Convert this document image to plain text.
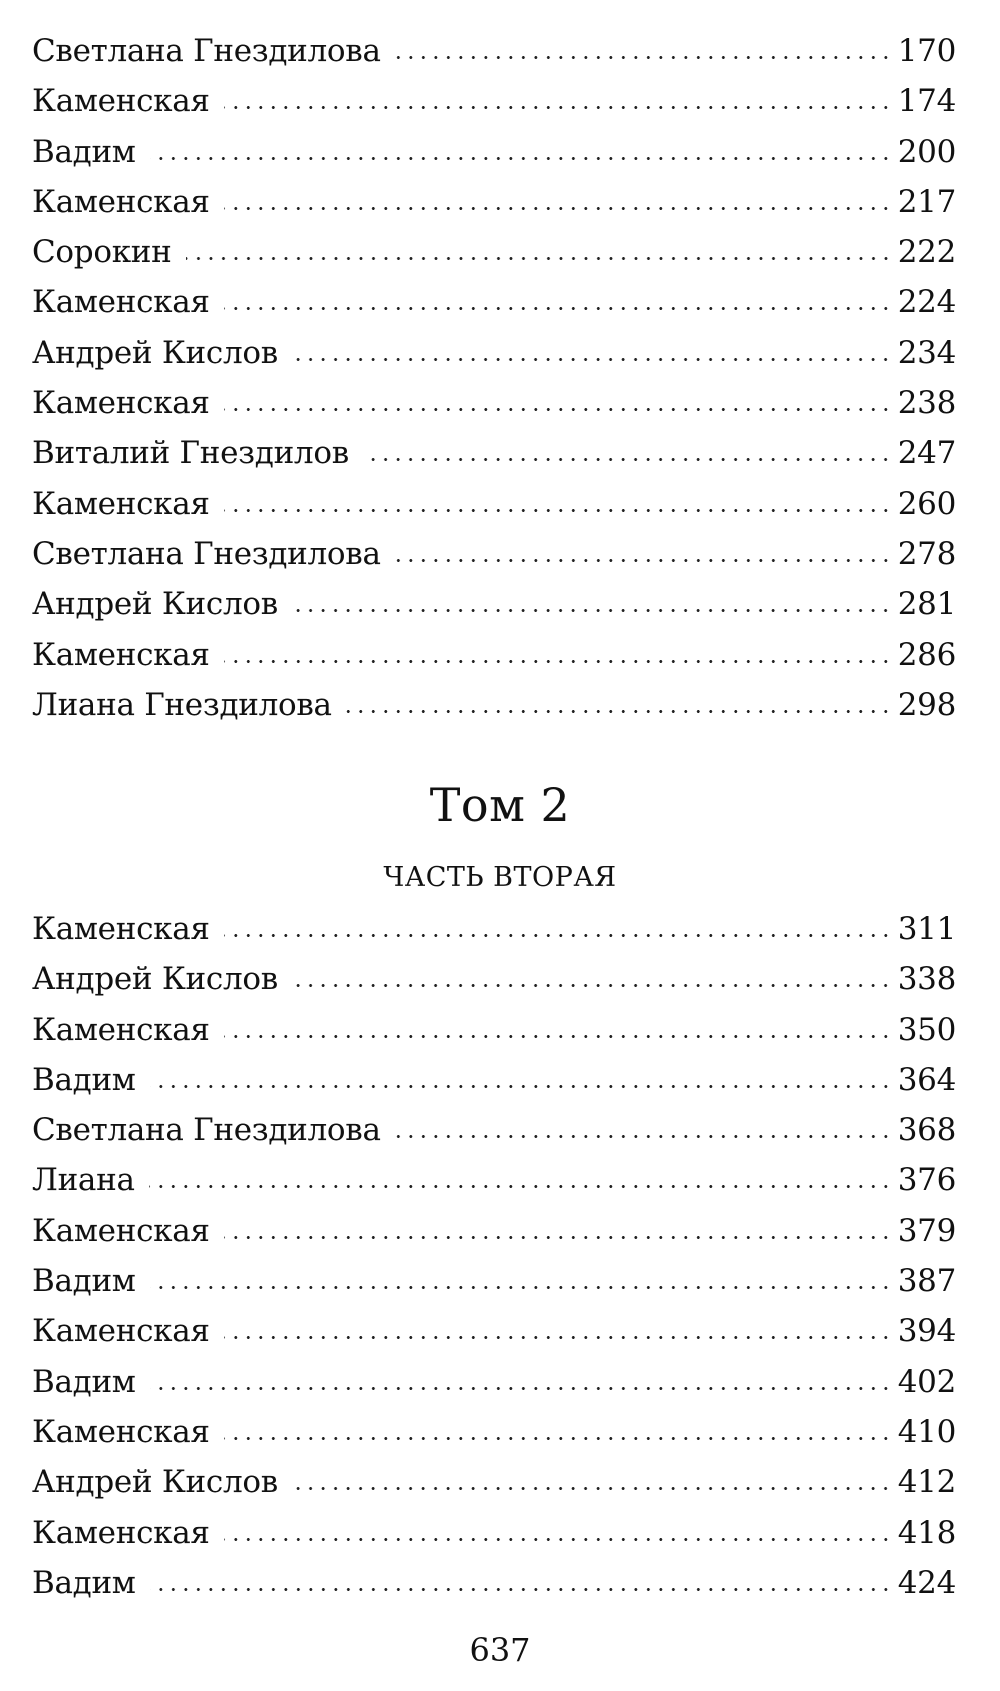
Светлана Гнездилова	170
Каменская	174
Вадим	200
Каменская	217
Сорокин	222
Каменская	224
Андрей Кислов	234
Каменская	238
Виталий Гнездилов	247
Каменская	260
Светлана Гнездилова	278
Андрей Кислов	281
Каменская	286
Лиана Гнездилова	298
Том 2
ЧАСТЬ ВТОРАЯ
Каменская	311
Андрей Кислов	338
Каменская	350
Вадим	364
Светлана Гнездилова	368
Лиана	376
Каменская	379
Вадим	387
Каменская	394
Вадим	402
Каменская	410
Андрей Кислов	412
Каменская	418
Вадим	424
637
